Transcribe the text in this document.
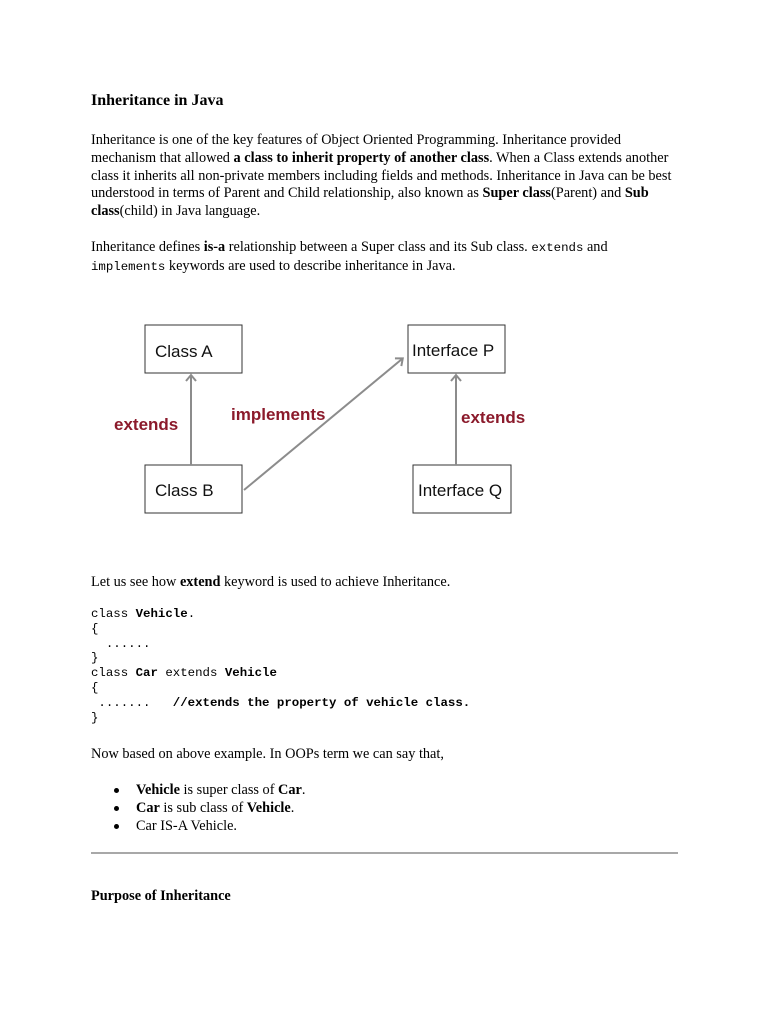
Inheritance in Java

Inheritance is one of the key features of Object Oriented Programming. Inheritance provided mechanism that allowed a class to inherit property of another class. When a Class extends another class it inherits all non-private members including fields and methods. Inheritance in Java can be best understood in terms of Parent and Child relationship, also known as Super class(Parent) and Sub class(child) in Java language.

Inheritance defines is-a relationship between a Super class and its Sub class. extends and implements keywords are used to describe inheritance in Java.

Let us see how extend keyword is used to achieve Inheritance.

class Vehicle.
{
......
}
class Car extends Vehicle
{
.......   //extends the property of vehicle class.
}

Now based on above example. In OOPs term we can say that,

Vehicle is super class of Car.
Car is sub class of Vehicle.
Car IS-A Vehicle.
Purpose of Inheritance
Class A
Class B
Interface P
Interface Q
extends
implements	extends
